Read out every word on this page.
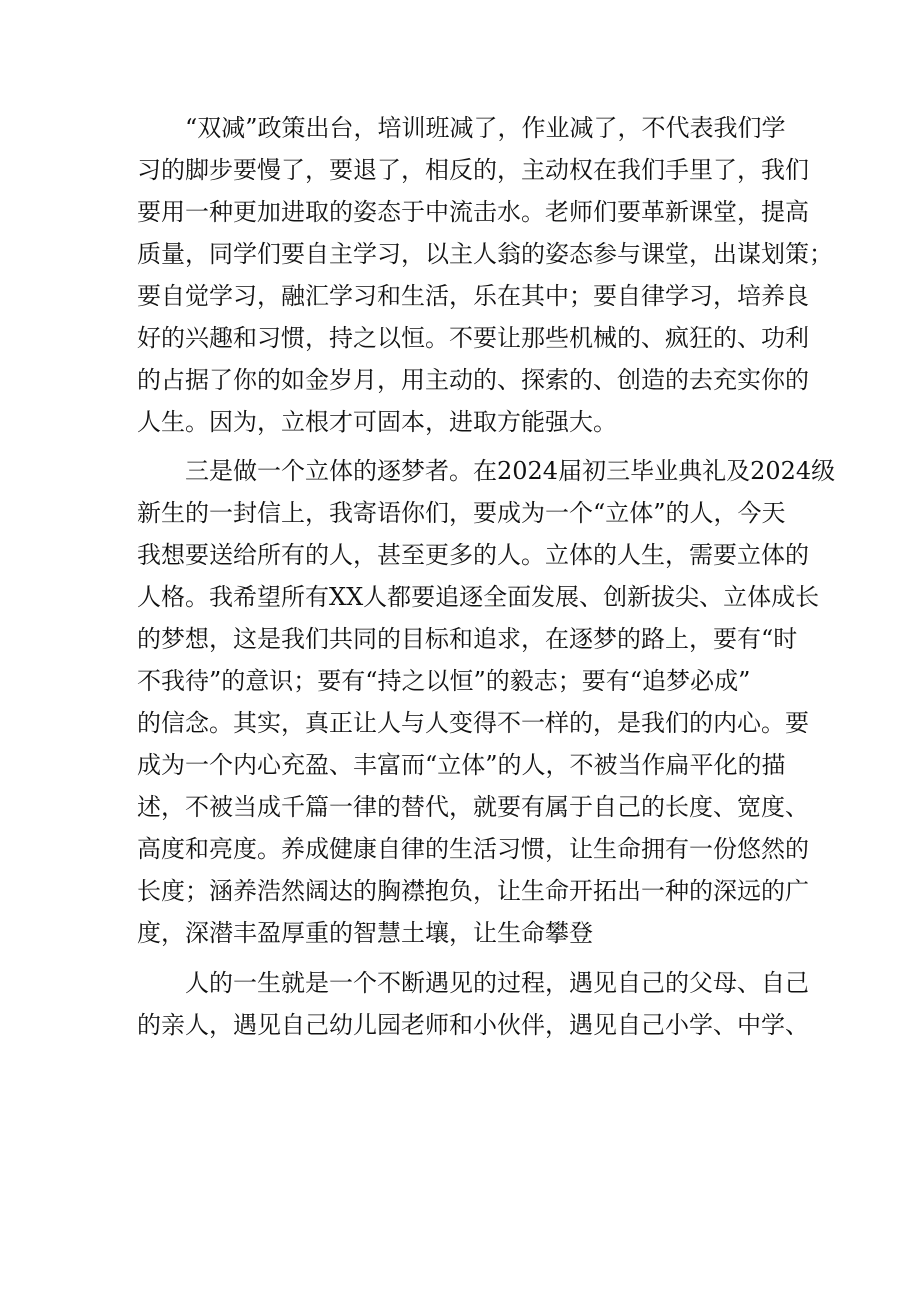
“双减”政策出台，培训班减了，作业减了，不代表我们学

习的脚步要慢了，要退了，相反的，主动权在我们手里了，我们

要用一种更加进取的姿态于中流击水。老师们要革新课堂，提高

质量，同学们要自主学习，以主人翁的姿态参与课堂，出谋划策；

要自觉学习，融汇学习和生活，乐在其中；要自律学习，培养良

好的兴趣和习惯，持之以恒。不要让那些机械的、疯狂的、功利

的占据了你的如金岁月，用主动的、探索的、创造的去充实你的

人生。因为，立根才可固本，进取方能强大。

三是做一个立体的逐梦者。在2024届初三毕业典礼及2024级

新生的一封信上，我寄语你们，要成为一个“立体”的人，今天

我想要送给所有的人，甚至更多的人。立体的人生，需要立体的

人格。我希望所有XX人都要追逐全面发展、创新拔尖、立体成长

的梦想，这是我们共同的目标和追求，在逐梦的路上，要有“时

不我待”的意识；要有“持之以恒”的毅志；要有“追梦必成”

的信念。其实，真正让人与人变得不一样的，是我们的内心。要

成为一个内心充盈、丰富而“立体”的人，不被当作扁平化的描

述，不被当成千篇一律的替代，就要有属于自己的长度、宽度、

高度和亮度。养成健康自律的生活习惯，让生命拥有一份悠然的

长度；涵养浩然阔达的胸襟抱负，让生命开拓出一种的深远的广

度，深潜丰盈厚重的智慧土壤，让生命攀登

人的一生就是一个不断遇见的过程，遇见自己的父母、自己

的亲人，遇见自己幼儿园老师和小伙伴，遇见自己小学、中学、
